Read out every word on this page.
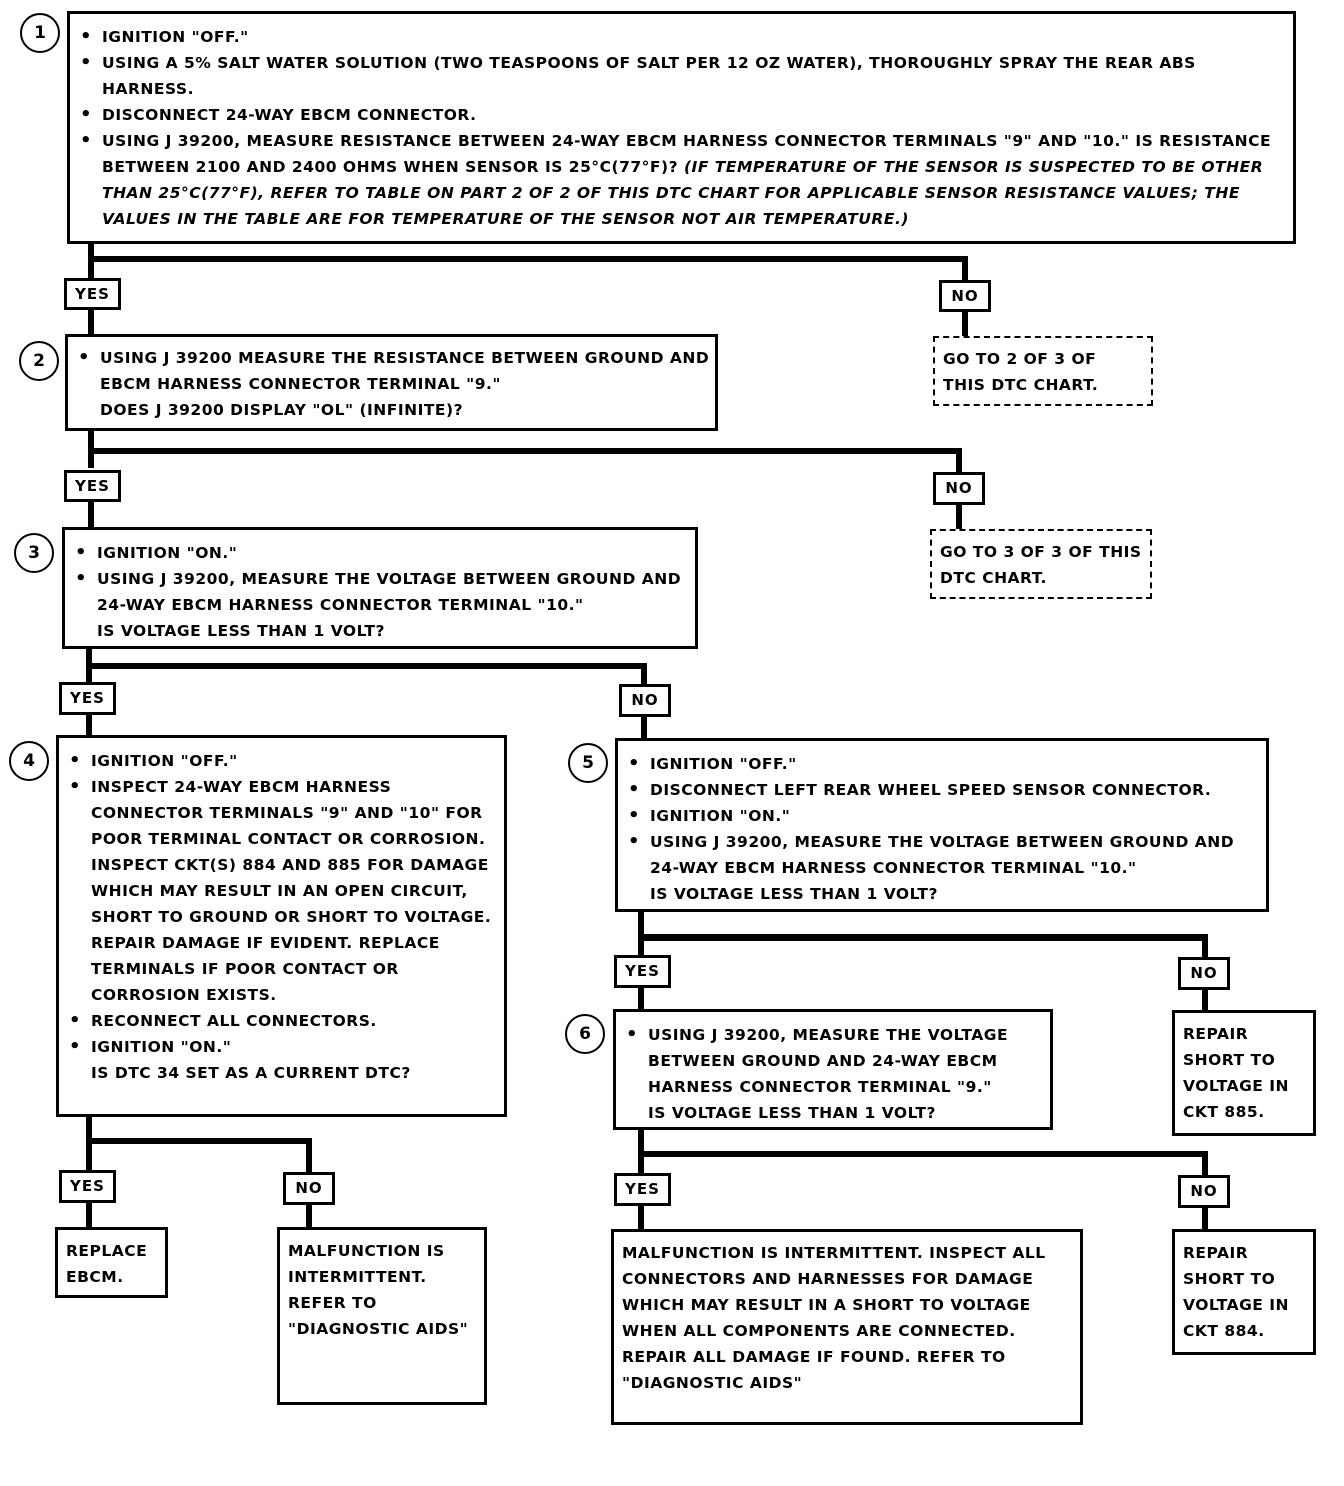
1	• IGNITION "OFF."
• USING A 5% SALT WATER SOLUTION (TWO TEASPOONS OF SALT PER 12 OZ WATER), THOROUGHLY SPRAY THE REAR ABS HARNESS.
• DISCONNECT 24-WAY EBCM CONNECTOR.
• USING J 39200, MEASURE RESISTANCE BETWEEN 24-WAY EBCM HARNESS CONNECTOR TERMINALS "9" AND "10." IS RESISTANCE BETWEEN 2100 AND 2400 OHMS WHEN SENSOR IS 25°C(77°F)? (IF TEMPERATURE OF THE SENSOR IS SUSPECTED TO BE OTHER THAN 25°C(77°F), REFER TO TABLE ON PART 2 OF 2 OF THIS DTC CHART FOR APPLICABLE SENSOR RESISTANCE VALUES; THE VALUES IN THE TABLE ARE FOR TEMPERATURE OF THE SENSOR NOT AIR TEMPERATURE.)
YES	NO
GO TO 2 OF 3 OF THIS DTC CHART.
2	• USING J 39200 MEASURE THE RESISTANCE BETWEEN GROUND AND EBCM HARNESS CONNECTOR TERMINAL "9."
DOES J 39200 DISPLAY "OL" (INFINITE)?
YES	NO
GO TO 3 OF 3 OF THIS DTC CHART.
3	• IGNITION "ON."
• USING J 39200, MEASURE THE VOLTAGE BETWEEN GROUND AND 24-WAY EBCM HARNESS CONNECTOR TERMINAL "10."
IS VOLTAGE LESS THAN 1 VOLT?
YES	NO
4	• IGNITION "OFF."
• INSPECT 24-WAY EBCM HARNESS CONNECTOR TERMINALS "9" AND "10" FOR POOR TERMINAL CONTACT OR CORROSION. INSPECT CKT(S) 884 AND 885 FOR DAMAGE WHICH MAY RESULT IN AN OPEN CIRCUIT, SHORT TO GROUND OR SHORT TO VOLTAGE. REPAIR DAMAGE IF EVIDENT. REPLACE TERMINALS IF POOR CONTACT OR CORROSION EXISTS.
• RECONNECT ALL CONNECTORS.
• IGNITION "ON."
IS DTC 34 SET AS A CURRENT DTC?
YES	NO
REPLACE EBCM.
MALFUNCTION IS INTERMITTENT. REFER TO "DIAGNOSTIC AIDS"
5	• IGNITION "OFF."
• DISCONNECT LEFT REAR WHEEL SPEED SENSOR CONNECTOR.
• IGNITION "ON."
• USING J 39200, MEASURE THE VOLTAGE BETWEEN GROUND AND 24-WAY EBCM HARNESS CONNECTOR TERMINAL "10."
IS VOLTAGE LESS THAN 1 VOLT?
YES	NO
REPAIR SHORT TO VOLTAGE IN CKT 885.
6	• USING J 39200, MEASURE THE VOLTAGE BETWEEN GROUND AND 24-WAY EBCM HARNESS CONNECTOR TERMINAL "9."
IS VOLTAGE LESS THAN 1 VOLT?
YES	NO
MALFUNCTION IS INTERMITTENT. INSPECT ALL CONNECTORS AND HARNESSES FOR DAMAGE WHICH MAY RESULT IN A SHORT TO VOLTAGE WHEN ALL COMPONENTS ARE CONNECTED. REPAIR ALL DAMAGE IF FOUND. REFER TO "DIAGNOSTIC AIDS"
REPAIR SHORT TO VOLTAGE IN CKT 884.
